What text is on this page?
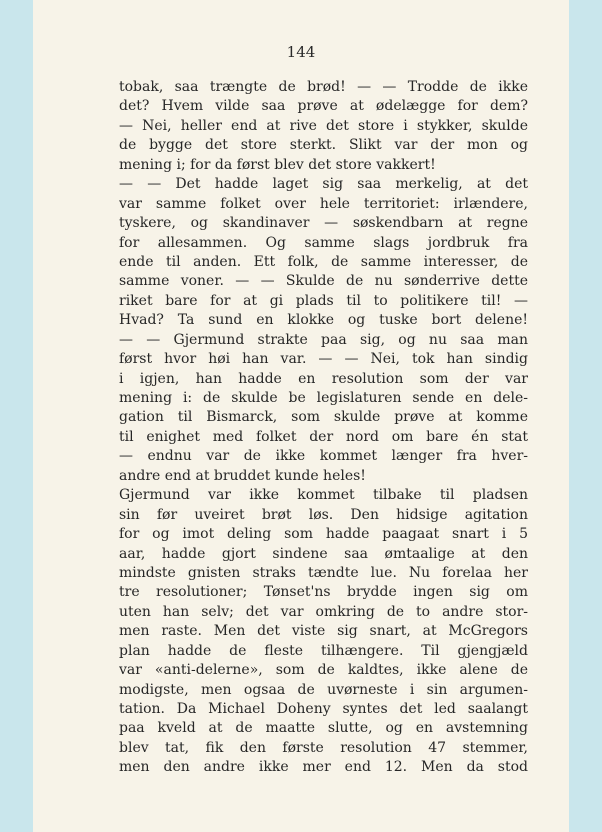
144
tobak, saa trængte de brød! — — Trodde de ikke
det? Hvem vilde saa prøve at ødelægge for dem?
— Nei, heller end at rive det store i stykker, skulde
de bygge det store sterkt. Slikt var der mon og
mening i; for da først blev det store vakkert!
— — Det hadde laget sig saa merkelig, at det
var samme folket over hele territoriet: irlændere,
tyskere, og skandinaver — søskendbarn at regne
for allesammen. Og samme slags jordbruk fra
ende til anden. Ett folk, de samme interesser, de
samme voner. — — Skulde de nu sønderrive dette
riket bare for at gi plads til to politikere til! —
Hvad? Ta sund en klokke og tuske bort delene!
— — Gjermund strakte paa sig, og nu saa man
først hvor høi han var. — — Nei, tok han sindig
i igjen, han hadde en resolution som der var
mening i: de skulde be legislaturen sende en dele-
gation til Bismarck, som skulde prøve at komme
til enighet med folket der nord om bare én stat
— endnu var de ikke kommet længer fra hver-
andre end at bruddet kunde heles!
Gjermund var ikke kommet tilbake til pladsen
sin før uveiret brøt løs. Den hidsige agitation
for og imot deling som hadde paagaat snart i 5
aar, hadde gjort sindene saa ømtaalige at den
mindste gnisten straks tændte lue. Nu forelaa her
tre resolutioner; Tønset'ns brydde ingen sig om
uten han selv; det var omkring de to andre stor-
men raste. Men det viste sig snart, at McGregors
plan hadde de fleste tilhængere. Til gjengjæld
var «anti-delerne», som de kaldtes, ikke alene de
modigste, men ogsaa de uvørneste i sin argumen-
tation. Da Michael Doheny syntes det led saalangt
paa kveld at de maatte slutte, og en avstemning
blev tat, fik den første resolution 47 stemmer,
men den andre ikke mer end 12. Men da stod
